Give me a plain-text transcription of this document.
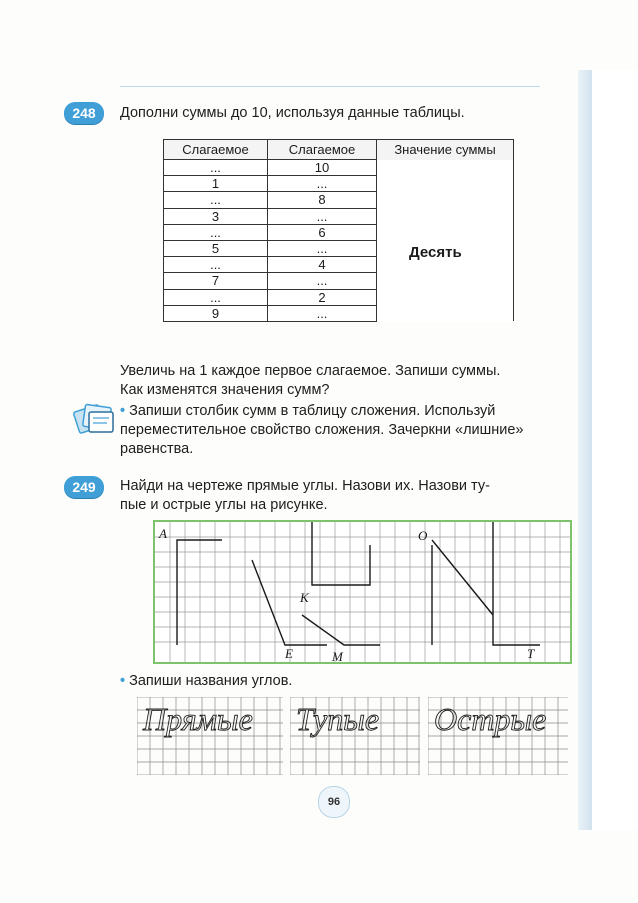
248	Дополни суммы до 10, используя данные таблицы.
Слагаемое	Слагаемое	Значение суммы
...	10	
1	...	
...	8	
3	...	
...	6	
5	...	
...	4	
7	...	
...	2	
9	...	
Десять
Увеличь на 1 каждое первое слагаемое. Запиши суммы.
Как изменятся значения сумм?
• Запиши столбик сумм в таблицу сложения. Используй
переместительное свойство сложения. Зачеркни «лишние»
равенства.
249	Найди на чертеже прямые углы. Назови их. Назови ту-
пые и острые углы на рисунке.
A
E
K
M
O
T
• Запиши названия углов.
Прямые Тупые Острые
96
